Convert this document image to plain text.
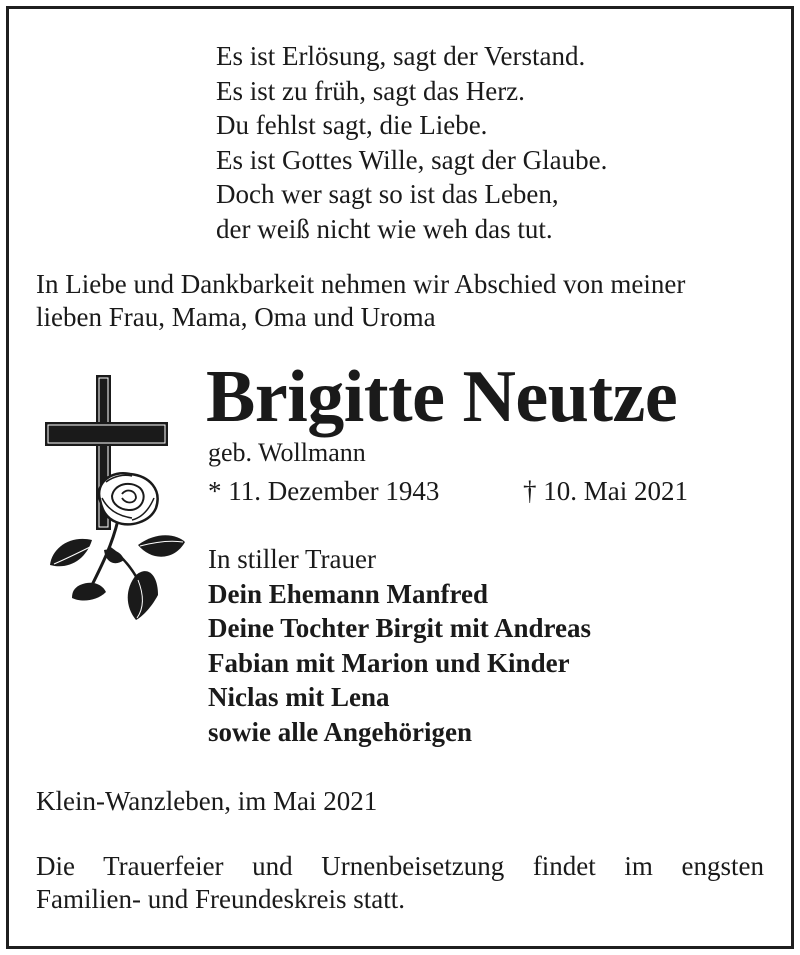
Es ist Erlösung, sagt der Verstand.
Es ist zu früh, sagt das Herz.
Du fehlst sagt, die Liebe.
Es ist Gottes Wille, sagt der Glaube.
Doch wer sagt so ist das Leben,
der weiß nicht wie weh das tut.
In Liebe und Dankbarkeit nehmen wir Abschied von meiner
lieben Frau, Mama, Oma und Uroma
Brigitte Neutze
geb. Wollmann
* 11. Dezember 1943	† 10. Mai 2021
In stiller Trauer
Dein Ehemann Manfred
Deine Tochter Birgit mit Andreas
Fabian mit Marion und Kinder
Niclas mit Lena
sowie alle Angehörigen
Klein-Wanzleben, im Mai 2021
Die Trauerfeier und Urnenbeisetzung findet im engsten
Familien- und Freundeskreis statt.
